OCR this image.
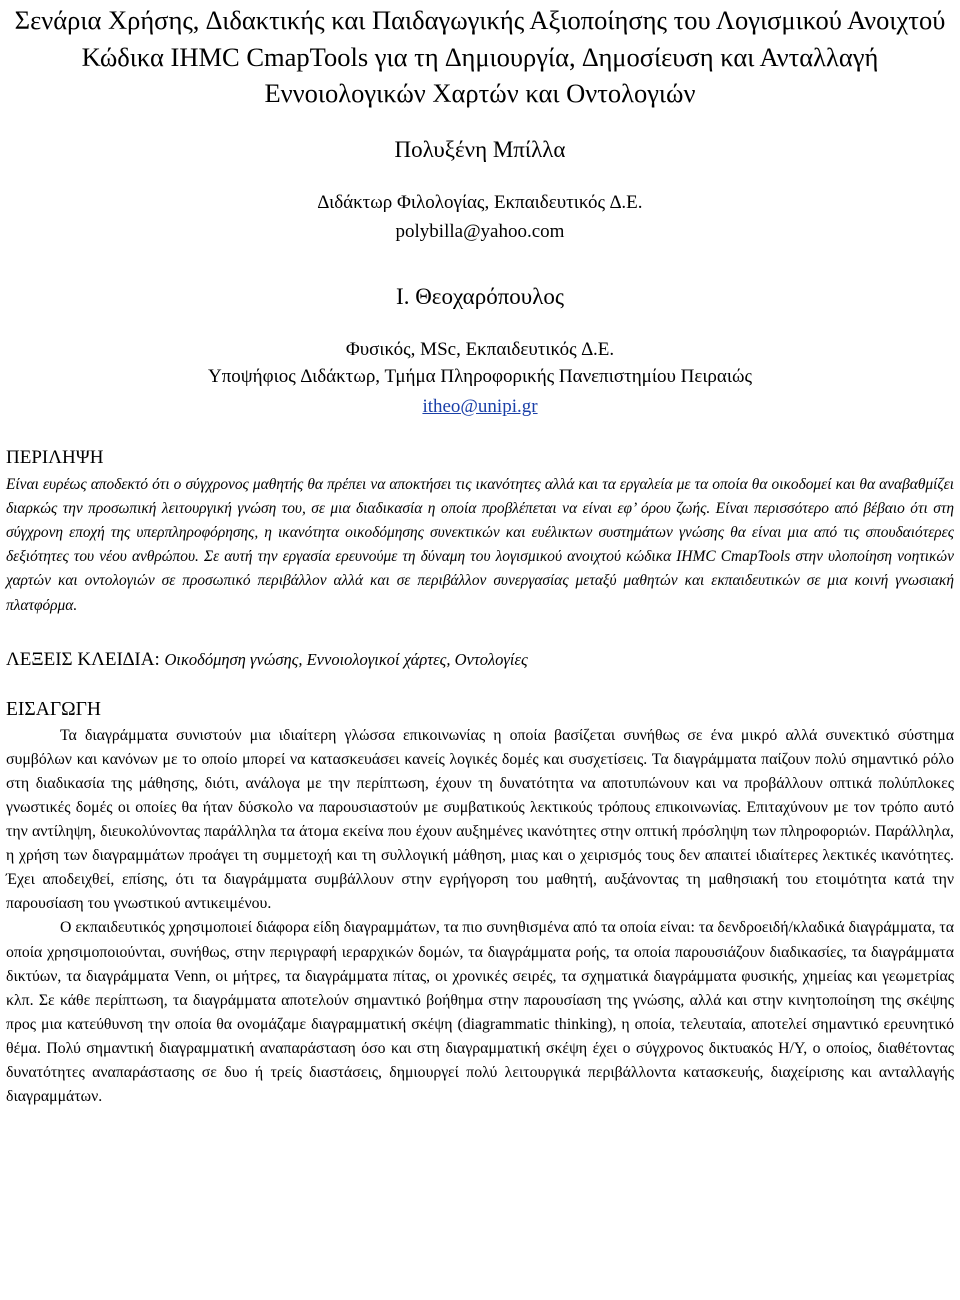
Σενάρια Χρήσης, ∆ιδακτικής και Παιδαγωγικής Αξιοποίησης του Λογισμικού Ανοιχτού Κώδικα IHMC CmapTools για τη ∆ημιουργία, ∆ημοσίευση και Ανταλλαγή Εννοιολογικών Χαρτών και Οντολογιών

Πολυξένη Μπίλλα

∆ιδάκτωρ Φιλολογίας, Εκπαιδευτικός ∆.Ε.

polybilla@yahoo.com

Ι. Θεοχαρόπουλος

Φυσικός, MSc, Εκπαιδευτικός ∆.Ε.

Υποψήφιος ∆ιδάκτωρ, Τμήμα Πληροφορικής Πανεπιστημίου Πειραιώς

itheo@unipi.gr

ΠΕΡΙΛΗΨΗ

Είναι ευρέως αποδεκτό ότι ο σύγχρονος μαθητής θα πρέπει να αποκτήσει τις ικανότητες αλλά και τα εργαλεία με τα οποία θα οικοδομεί και θα αναβαθμίζει διαρκώς την προσωπική λειτουργική γνώση του, σε μια διαδικασία η οποία προβλέπεται να είναι εφ’ όρου ζωής. Είναι περισσότερο από βέβαιο ότι στη σύγχρονη εποχή της υπερπληροφόρησης, η ικανότητα οικοδόμησης συνεκτικών και ευέλικτων συστημάτων γνώσης θα είναι μια από τις σπουδαιότερες δεξιότητες του νέου ανθρώπου. Σε αυτή την εργασία ερευνούμε τη δύναμη του λογισμικού ανοιχτού κώδικα IHMC CmapTools στην υλοποίηση νοητικών χαρτών και οντολογιών σε προσωπικό περιβάλλον αλλά και σε περιβάλλον συνεργασίας μεταξύ μαθητών και εκπαιδευτικών σε μια κοινή γνωσιακή πλατφόρμα.

ΛΕΞΕΙΣ ΚΛΕΙ∆ΙΑ: Οικοδόμηση γνώσης, Εννοιολογικοί χάρτες, Οντολογίες

ΕΙΣΑΓΩΓΗ

Τα διαγράμματα συνιστούν μια ιδιαίτερη γλώσσα επικοινωνίας η οποία βασίζεται συνήθως σε ένα μικρό αλλά συνεκτικό σύστημα συμβόλων και κανόνων με το οποίο μπορεί να κατασκευάσει κανείς λογικές δομές και συσχετίσεις. Τα διαγράμματα παίζουν πολύ σημαντικό ρόλο στη διαδικασία της μάθησης, διότι, ανάλογα με την περίπτωση, έχουν τη δυνατότητα να αποτυπώνουν και να προβάλλουν οπτικά πολύπλοκες γνωστικές δομές οι οποίες θα ήταν δύσκολο να παρουσιαστούν με συμβατικούς λεκτικούς τρόπους επικοινωνίας. Επιταχύνουν με τον τρόπο αυτό την αντίληψη, διευκολύνοντας παράλληλα τα άτομα εκείνα που έχουν αυξημένες ικανότητες στην οπτική πρόσληψη των πληροφοριών. Παράλληλα, η χρήση των διαγραμμάτων προάγει τη συμμετοχή και τη συλλογική μάθηση, μιας και ο χειρισμός τους δεν απαιτεί ιδιαίτερες λεκτικές ικανότητες. Έχει αποδειχθεί, επίσης, ότι τα διαγράμματα συμβάλλουν στην εγρήγορση του μαθητή, αυξάνοντας τη μαθησιακή του ετοιμότητα κατά την παρουσίαση του γνωστικού αντικειμένου.

Ο εκπαιδευτικός χρησιμοποιεί διάφορα είδη διαγραμμάτων, τα πιο συνηθισμένα από τα οποία είναι: τα δενδροειδή/κλαδικά διαγράμματα, τα οποία χρησιμοποιούνται, συνήθως, στην περιγραφή ιεραρχικών δομών, τα διαγράμματα ροής, τα οποία παρουσιάζουν διαδικασίες, τα διαγράμματα δικτύων, τα διαγράμματα Venn, οι μήτρες, τα διαγράμματα πίτας, οι χρονικές σειρές, τα σχηματικά διαγράμματα φυσικής, χημείας και γεωμετρίας κλπ. Σε κάθε περίπτωση, τα διαγράμματα αποτελούν σημαντικό βοήθημα στην παρουσίαση της γνώσης, αλλά και στην κινητοποίηση της σκέψης προς μια κατεύθυνση την οποία θα ονομάζαμε διαγραμματική σκέψη (diagrammatic thinking), η οποία, τελευταία, αποτελεί σημαντικό ερευνητικό θέμα. Πολύ σημαντική διαγραμματική αναπαράσταση όσο και στη διαγραμματική σκέψη έχει ο σύγχρονος δικτυακός Η/Υ, ο οποίος, διαθέτοντας δυνατότητες αναπαράστασης σε δυο ή τρείς διαστάσεις, δημιουργεί πολύ λειτουργικά περιβάλλοντα κατασκευής, διαχείρισης και ανταλλαγής διαγραμμάτων.
